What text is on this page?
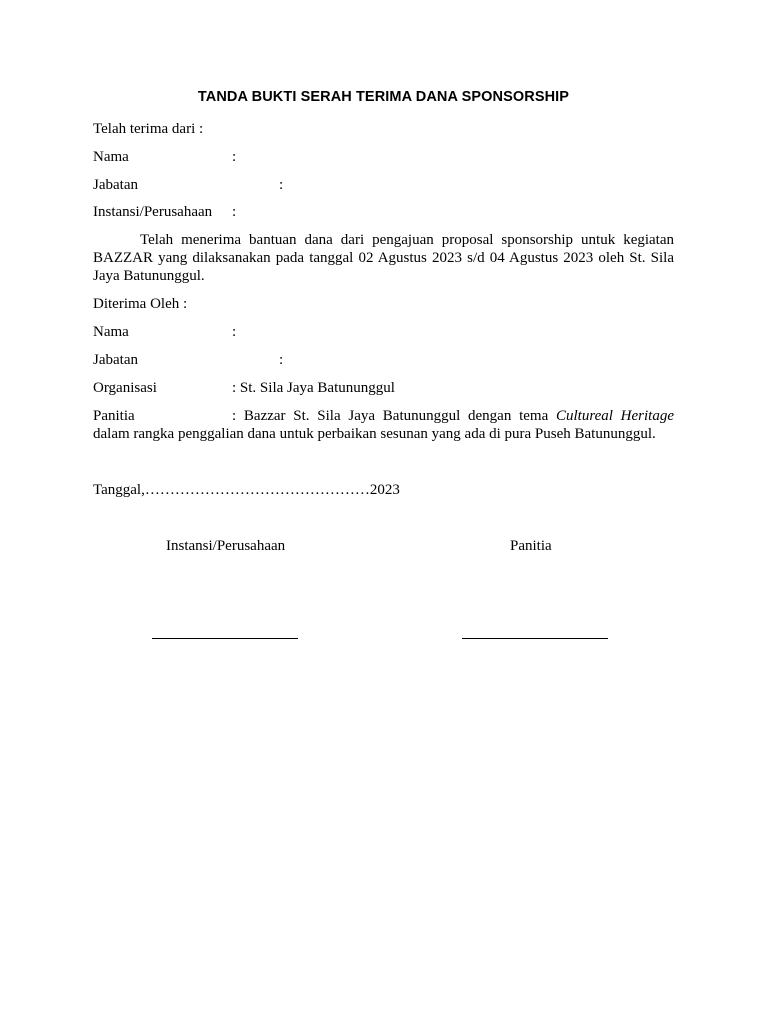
TANDA BUKTI SERAH TERIMA DANA SPONSORSHIP
Telah terima dari :
Nama	:
Jabatan	:
Instansi/Perusahaan :

Telah menerima bantuan dana dari pengajuan proposal sponsorship untuk kegiatan BAZZAR yang dilaksanakan pada tanggal 02 Agustus 2023 s/d 04 Agustus 2023 oleh St. Sila Jaya Batununggul.

Diterima Oleh :
Nama	:
Jabatan	:
Organisasi	: St. Sila Jaya Batununggul
Panitia	: Bazzar St. Sila Jaya Batununggul dengan tema Cultureal Heritage dalam rangka penggalian dana untuk perbaikan sesunan yang ada di pura Puseh Batununggul.

Tanggal,………………………………………2023
Instansi/Perusahaan	Panitia
